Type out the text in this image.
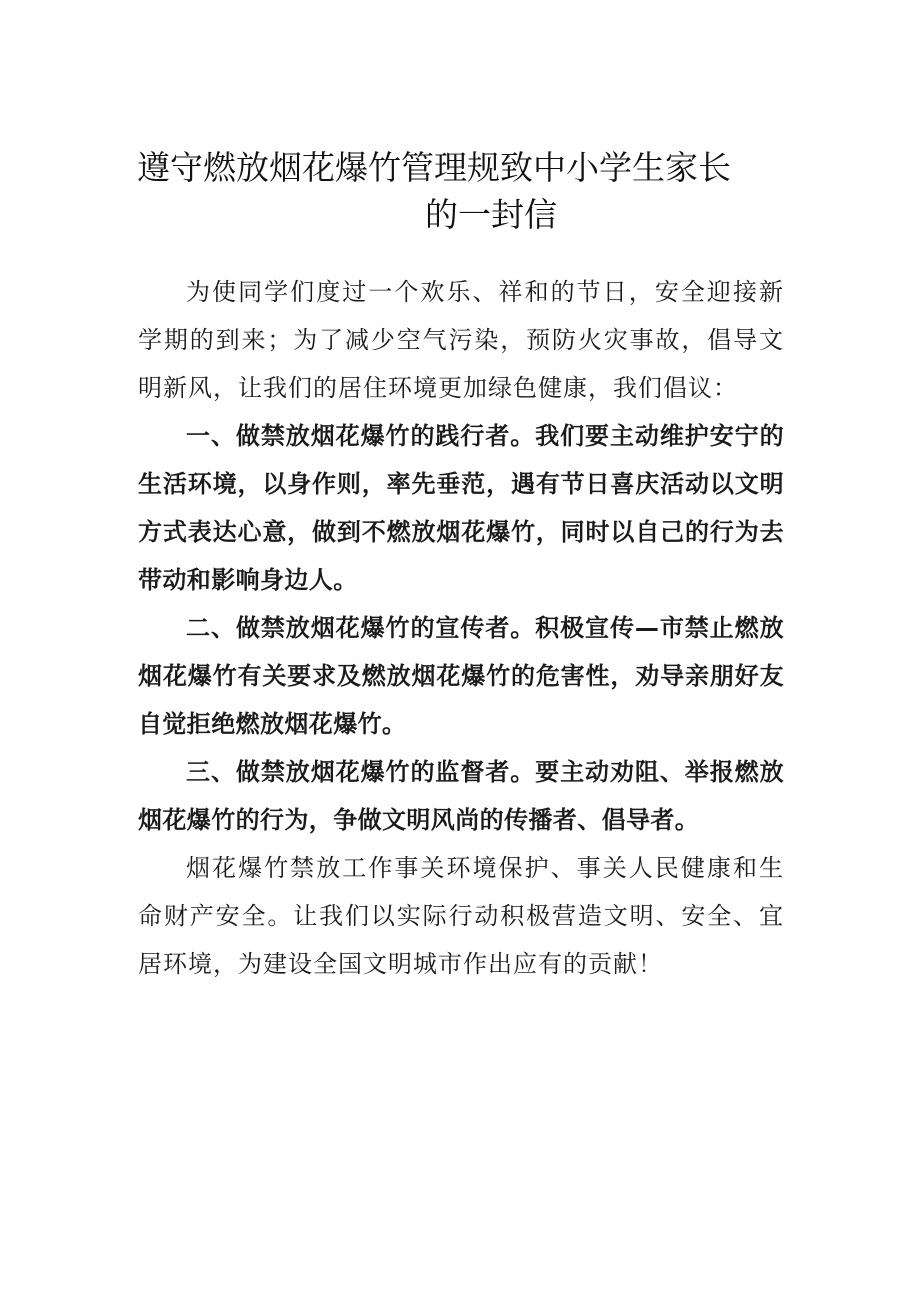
遵守燃放烟花爆竹管理规致中小学生家长
的一封信

为使同学们度过一个欢乐、祥和的节日，安全迎接新学期的到来；为了减少空气污染，预防火灾事故，倡导文明新风，让我们的居住环境更加绿色健康，我们倡议：

一、做禁放烟花爆竹的践行者。我们要主动维护安宁的生活环境，以身作则，率先垂范，遇有节日喜庆活动以文明方式表达心意，做到不燃放烟花爆竹，同时以自己的行为去带动和影响身边人。

二、做禁放烟花爆竹的宣传者。积极宣传—市禁止燃放烟花爆竹有关要求及燃放烟花爆竹的危害性，劝导亲朋好友自觉拒绝燃放烟花爆竹。

三、做禁放烟花爆竹的监督者。要主动劝阻、举报燃放烟花爆竹的行为，争做文明风尚的传播者、倡导者。

烟花爆竹禁放工作事关环境保护、事关人民健康和生命财产安全。让我们以实际行动积极营造文明、安全、宜居环境，为建设全国文明城市作出应有的贡献！
